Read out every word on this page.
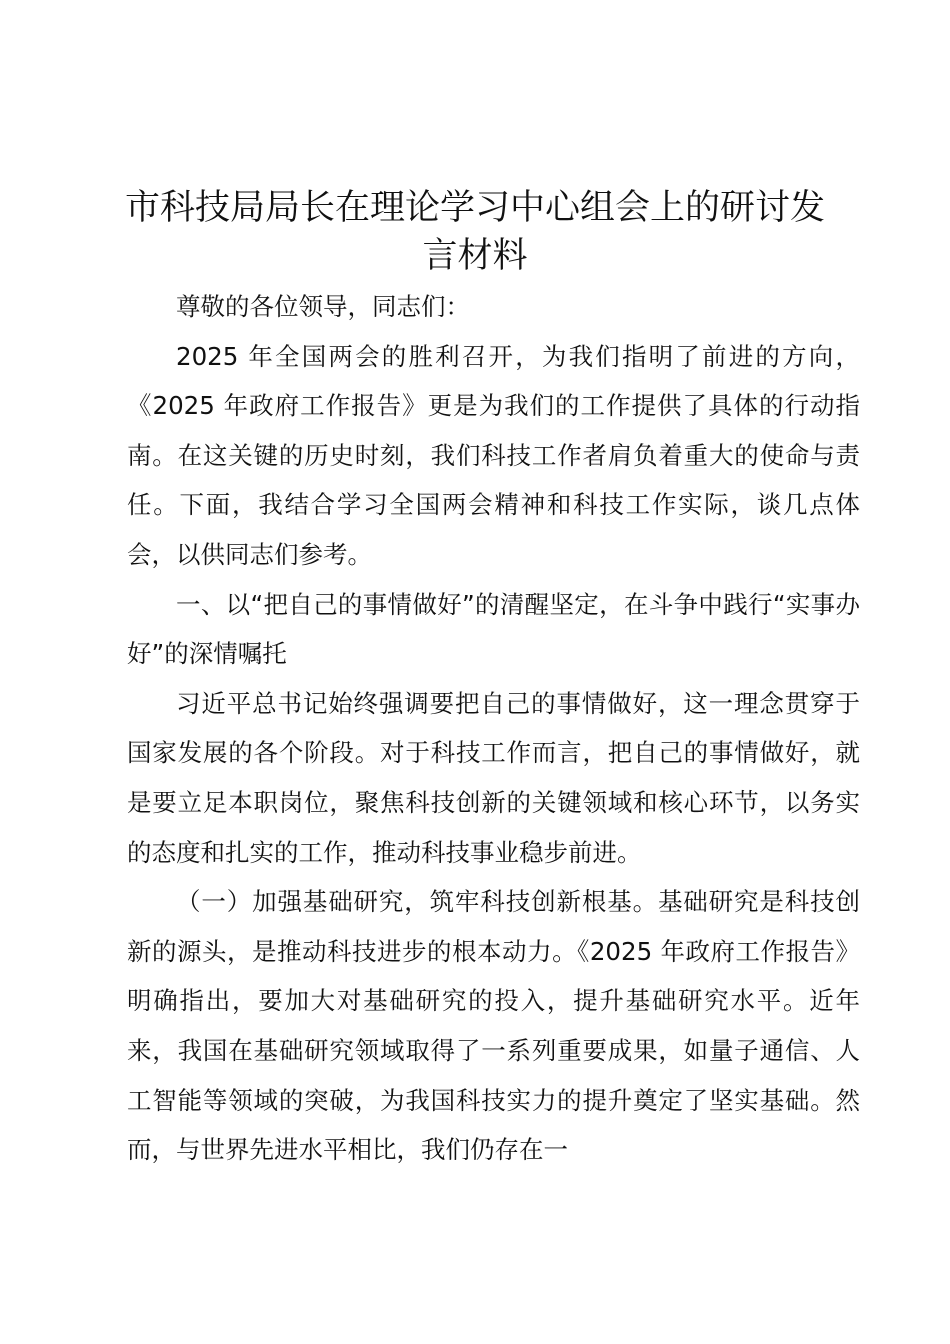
市科技局局长在理论学习中心组会上的研讨发言材料

尊敬的各位领导，同志们：

2025 年全国两会的胜利召开，为我们指明了前进的方向，《2025 年政府工作报告》更是为我们的工作提供了具体的行动指南。在这关键的历史时刻，我们科技工作者肩负着重大的使命与责任。下面，我结合学习全国两会精神和科技工作实际，谈几点体会，以供同志们参考。

一、以“把自己的事情做好”的清醒坚定，在斗争中践行“实事办好”的深情嘱托

习近平总书记始终强调要把自己的事情做好，这一理念贯穿于国家发展的各个阶段。对于科技工作而言，把自己的事情做好，就是要立足本职岗位，聚焦科技创新的关键领域和核心环节，以务实的态度和扎实的工作，推动科技事业稳步前进。

（一）加强基础研究，筑牢科技创新根基。基础研究是科技创新的源头，是推动科技进步的根本动力。《2025 年政府工作报告》明确指出，要加大对基础研究的投入，提升基础研究水平。近年来，我国在基础研究领域取得了一系列重要成果，如量子通信、人工智能等领域的突破，为我国科技实力的提升奠定了坚实基础。然而，与世界先进水平相比，我们仍存在一
